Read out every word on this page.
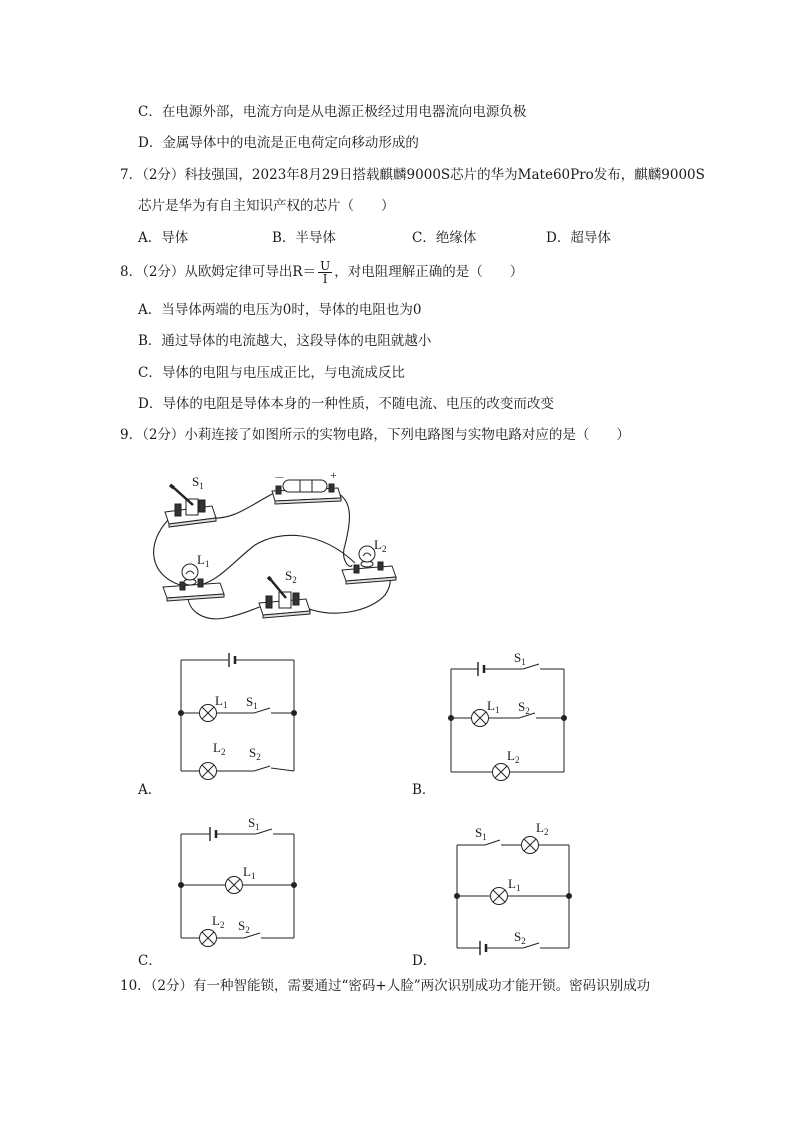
C．在电源外部，电流方向是从电源正极经过用电器流向电源负极
D．金属导体中的电流是正电荷定向移动形成的
7．（2分）科技强国，2023年8月29日搭载麒麟9000S芯片的华为Mate60Pro发布，麒麟9000S
芯片是华为有自主知识产权的芯片（　　）
A．导体	B．半导体	C．绝缘体	D．超导体
8．（2分）从欧姆定律可导出$R= \frac{U}{I}$ ，对电阻理解正确的是（　　）
A．当导体两端的电压为0时，导体的电阻也为0
B．通过导体的电流越大，这段导体的电阻就越小
C．导体的电阻与电压成正比，与电流成反比
D．导体的电阻是导体本身的一种性质，不随电流、电压的改变而改变
9．（2分）小莉连接了如图所示的实物电路，下列电路图与实物电路对应的是（　　）
$S_1$
－	+
$L_1$
$S_2$
$L_2$
$L_1$ $S_1$
$L_2$ $S_2$
$S_1$
$L_1$ $S_2$
$L_2$
$S_1$
$L_1$
$L_2$ $S_2$
$S_1$
$L_2$
$L_1$
$S_2$
A．	B．
C．	D．
10．（2分）有一种智能锁，需要通过“密码+人脸”两次识别成功才能开锁。密码识别成功
